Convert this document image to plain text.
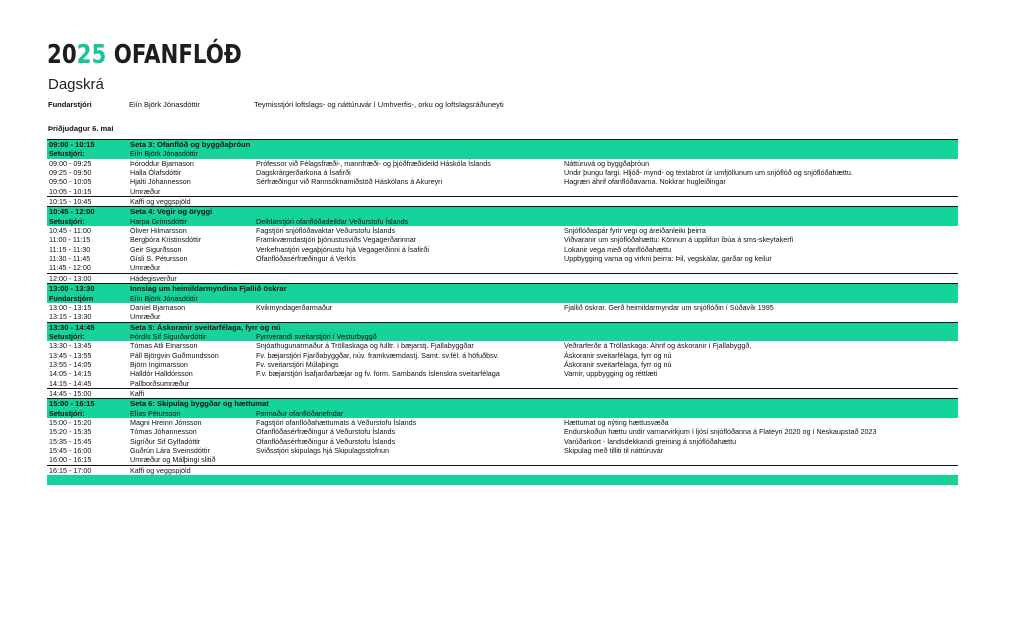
2025 OFANFLÓÐ
Dagskrá
Fundarstjóri	Eiín Björk Jónasdóttir	Teymisstjóri loftslags- og náttúruvár í Umhverfis-, orku og loftslagsráðuneyti
Þriðjudagur 6. maí
09:00 - 10:15	Seta 3: Ofanflóð og byggðaþróun		
Setustjóri:	Eiín Björk Jónasdóttir		
09:00 - 09:25	Þóroddur Bjarnason	Prófessor við Félagsfræði-, mannfræði- og þjóðfræðideild Háskóla Íslands	Náttúruvá og byggðaþróun
09:25 - 09:50	Halla Ólafsdóttir	Dagskrárgerðarkona á Ísafirði	Undir þungu fargi. Hljóð- mynd- og textabrot úr umfjöllunum um snjóflóð og snjóflóðahættu.
09:50 - 10:05	Hjalti Jóhannesson	Sérfræðingur við Rannsóknamiðstöð Háskólans á Akureyri	Hagræn áhrif ofanflóðavarna. Nokkrar hugleiðingar
10:05 - 10:15	Umræður		
10:15 - 10:45	Kaffi og veggspjöld		
10:45 - 12:00	Seta 4: Vegir og öryggi		
Setustjóri:	Harpa Grímsdóttir	Deildarstjóri ofanflóðadeildar Veðurstofu Íslands	
10:45 - 11:00	Óliver Hilmarsson	Fagstjóri snjóflóðavaktar Veðurstofu Íslands	Snjóflóðaspár fyrir vegi og áreiðanleiki þeirra
11:00 - 11:15	Bergþóra Kristinsdóttir	Framkvæmdastjóri þjónustusviðs Vegagerðarinnar	Viðvaranir um snjóflóðahættu: Könnun á upplifun íbúa á sms-skeytakerfi
11:15 - 11:30	Geir Sigurðsson	Verkefnastjóri vegaþjónustu hjá Vegagerðinni á Ísafirði	Lokanir vega með ofanflóðahættu
11:30 - 11:45	Gísli S. Pétursson	Ofanflóðasérfræðingur á Verkís	Uppbygging varna og virkni þeirra: Þil, vegskálar, garðar og keilur
11:45 - 12:00	Umræður		
12:00 - 13:00	Hádegisverður		
13:00 - 13:30	Innslag um heimildarmyndina Fjallið öskrar		
Fundarstjórn	Eiín Björk Jónasdóttir		
13:00 - 13:15	Daníel Bjarnason	Kvikmyndagerðarmaður	Fjallið öskrar. Gerð heimildarmyndar um snjóflóðin í Súðavík 1995
13:15 - 13:30	Umræður		
13:30 - 14:45	Seta 5: Áskoranir sveitarfélaga, fyrr og nú		
Setustjóri:	Þórdís Sif Sigurðardóttir	Fyrrverandi sveitarstjóri í Vesturbyggð	
13:30 - 13:45	Tómas Atli Einarsson	Snjóathugunarmaður á Tröllaskaga og fulltr. í bæjarstj. Fjallabyggðar	Veðrarferðir á Tröllaskaga: Áhrif og áskoranir í Fjallabyggð,
13:45 - 13:55	Páll Björgvin Guðmundsson	Fv. bæjarstjóri Fjarðabyggðar, núv. framkvæmdastj. Samt. sv.fél. á höfuðbsv.	Áskoranir sveitarfélaga, fyrr og nú
13:55 - 14:05	Björn Ingimarsson	Fv. sveitarstjóri Múlaþings	Áskoranir sveitarfélaga, fyrr og nú
14:05 - 14:15	Halldór Halldórsson	F.v. bæjarstjóri Ísafjarðarbæjar og fv. form. Sambands íslenskra sveitarfélaga	Varnir, uppbygging og réttlæti
14:15 - 14:45	Pallborðsumræður		
14:45 - 15:00	Kaffi		
15:00 - 16:15	Seta 6: Skipulag byggðar og hættumat		
Setustjóri:	Elías Pétursson	Formaður ofanflóðanefndar	
15:00 - 15:20	Magni Hreinn Jónsson	Fagstjóri ofanflóðahættumats á Veðurstofu Íslands	Hættumat og nýting hættusvæða
15:20 - 15:35	Tómas Jóhannesson	Ofanflóðasérfræðingur á Veðurstofu Íslands	Endurskoðun hættu undir varnarvirkjum í ljósi snjóflóðanna á Flateyri 2020 og í Neskaupstað 2023
15:35 - 15:45	Sigríður Sif Gylfadóttir	Ofanflóðasérfræðingur á Veðurstofu Íslands	Varúðarkort - landsdekkandi greining á snjóflóðahættu
15:45 - 16:00	Guðrún Lára Sveinsdóttir	Sviðsstjóri skipulags hjá Skipulagsstofnun	Skipulag með tilliti til náttúruvár
16:00 - 16:15	Umræður og Málþingi slitið		
16:15 - 17:00	Kaffi og veggspjöld		
